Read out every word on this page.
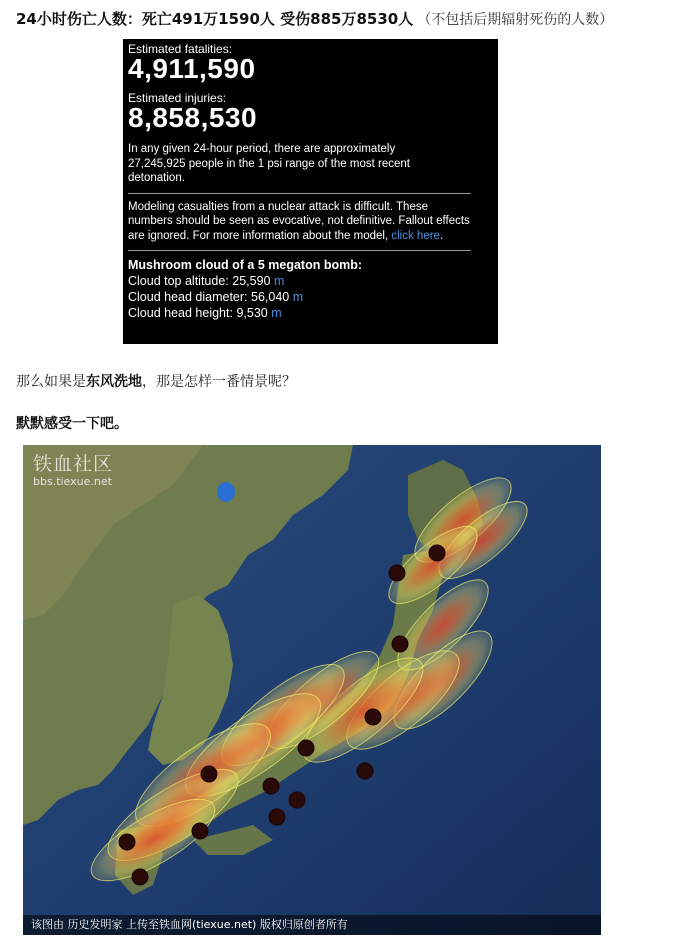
24小时伤亡人数：死亡491万1590人 受伤885万8530人 （不包括后期辐射死伤的人数）
Estimated fatalities:
4,911,590
Estimated injuries:
8,858,530
In any given 24-hour period, there are approximately 27,245,925 people in the 1 psi range of the most recent detonation.
Modeling casualties from a nuclear attack is difficult. These numbers should be seen as evocative, not definitive. Fallout effects are ignored. For more information about the model, click here.
Mushroom cloud of a 5 megaton bomb:
Cloud top altitude: 25,590 m
Cloud head diameter: 56,040 m
Cloud head height: 9,530 m
那么如果是东风洗地，那是怎样一番情景呢？
默默感受一下吧。
铁血社区
bbs.tiexue.net
该图由 历史发明家 上传至铁血网(tiexue.net) 版权归原创者所有
